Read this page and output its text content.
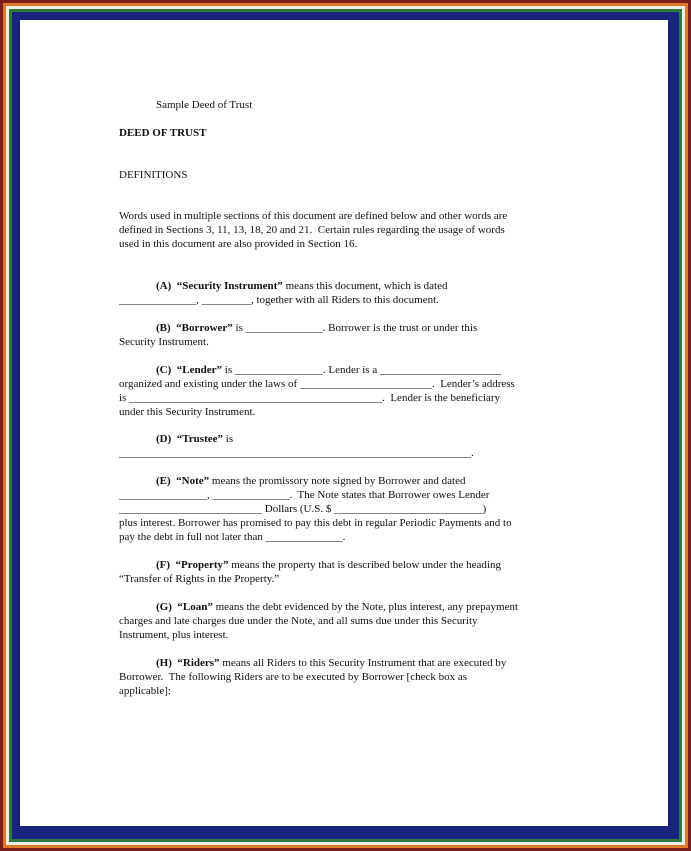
Sample Deed of Trust
DEED OF TRUST
DEFINITIONS
Words used in multiple sections of this document are defined below and other words are
defined in Sections 3, 11, 13, 18, 20 and 21.  Certain rules regarding the usage of words
used in this document are also provided in Section 16.
(A) “Security Instrument” means this document, which is dated
______________, _________, together with all Riders to this document.
(B) “Borrower” is ______________. Borrower is the trust or under this
Security Instrument.
(C) “Lender” is ________________. Lender is a ______________________
organized and existing under the laws of ________________________.  Lender’s address
is ______________________________________________.  Lender is the beneficiary
under this Security Instrument.
(D) “Trustee” is
________________________________________________________________.
(E) “Note” means the promissory note signed by Borrower and dated
________________, ______________.  The Note states that Borrower owes Lender
__________________________ Dollars (U.S. $ ___________________________)
plus interest. Borrower has promised to pay this debt in regular Periodic Payments and to
pay the debt in full not later than ______________.
(F) “Property” means the property that is described below under the heading
“Transfer of Rights in the Property.”
(G) “Loan” means the debt evidenced by the Note, plus interest, any prepayment
charges and late charges due under the Note, and all sums due under this Security
Instrument, plus interest.
(H) “Riders” means all Riders to this Security Instrument that are executed by
Borrower.  The following Riders are to be executed by Borrower [check box as
applicable]:
